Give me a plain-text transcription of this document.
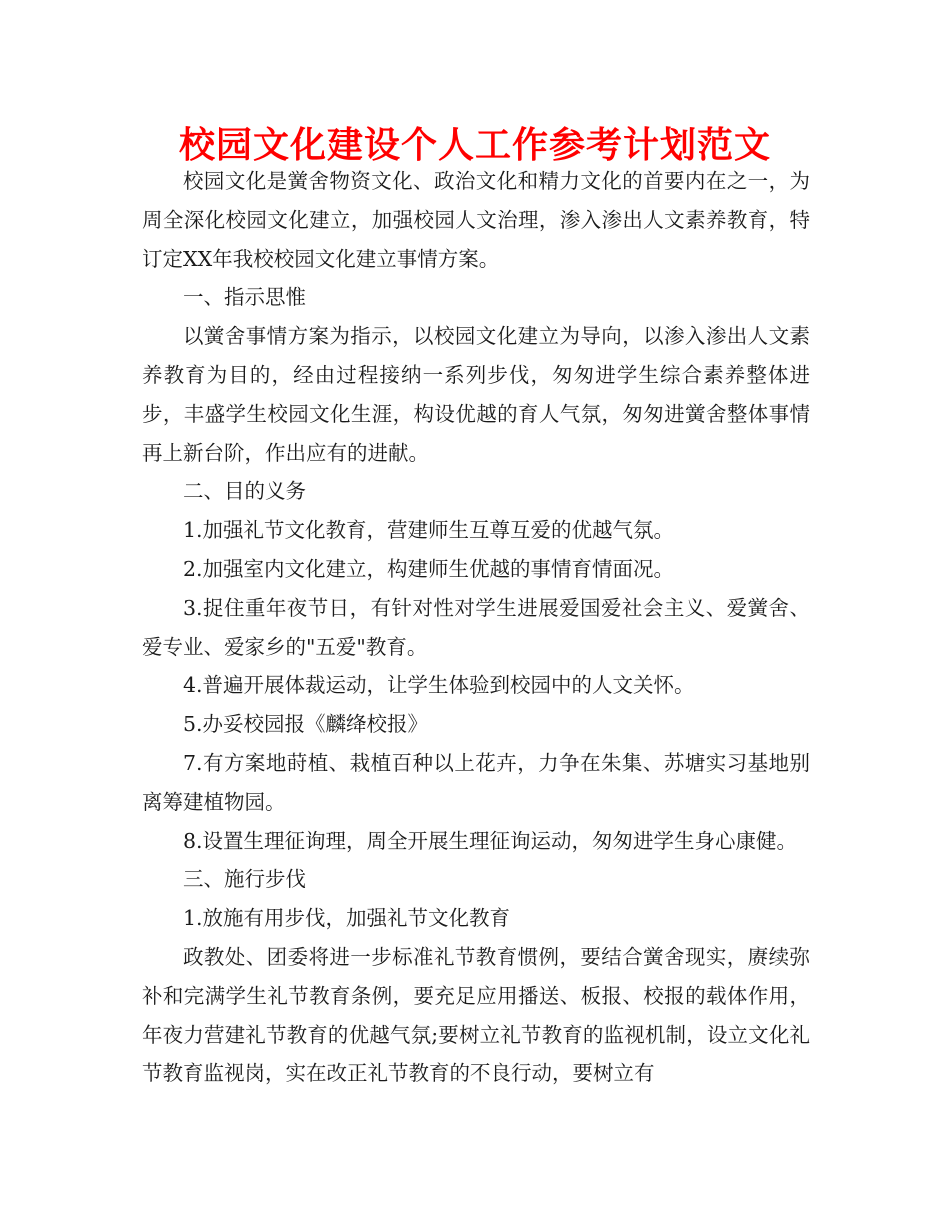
校园文化建设个人工作参考计划范文

校园文化是黉舍物资文化、政治文化和精力文化的首要内在之一，为周全深化校园文化建立，加强校园人文治理，渗入渗出人文素养教育，特订定XX年我校校园文化建立事情方案。

一、指示思惟

以黉舍事情方案为指示，以校园文化建立为导向，以渗入渗出人文素养教育为目的，经由过程接纳一系列步伐，匆匆进学生综合素养整体进步，丰盛学生校园文化生涯，构设优越的育人气氛，匆匆进黉舍整体事情再上新台阶，作出应有的进献。

二、目的义务

1.加强礼节文化教育，营建师生互尊互爱的优越气氛。

2.加强室内文化建立，构建师生优越的事情育情面况。

3.捉住重年夜节日，有针对性对学生进展爱国爱社会主义、爱黉舍、爱专业、爱家乡的"五爱"教育。

4.普遍开展体裁运动，让学生体验到校园中的人文关怀。

5.办妥校园报《麟绛校报》

7.有方案地莳植、栽植百种以上花卉，力争在朱集、苏塘实习基地别离筹建植物园。

8.设置生理征询理，周全开展生理征询运动，匆匆进学生身心康健。

三、施行步伐

1.放施有用步伐，加强礼节文化教育

政教处、团委将进一步标准礼节教育惯例，要结合黉舍现实，赓续弥补和完满学生礼节教育条例，要充足应用播送、板报、校报的载体作用，年夜力营建礼节教育的优越气氛;要树立礼节教育的监视机制，设立文化礼节教育监视岗，实在改正礼节教育的不良行动，要树立有
